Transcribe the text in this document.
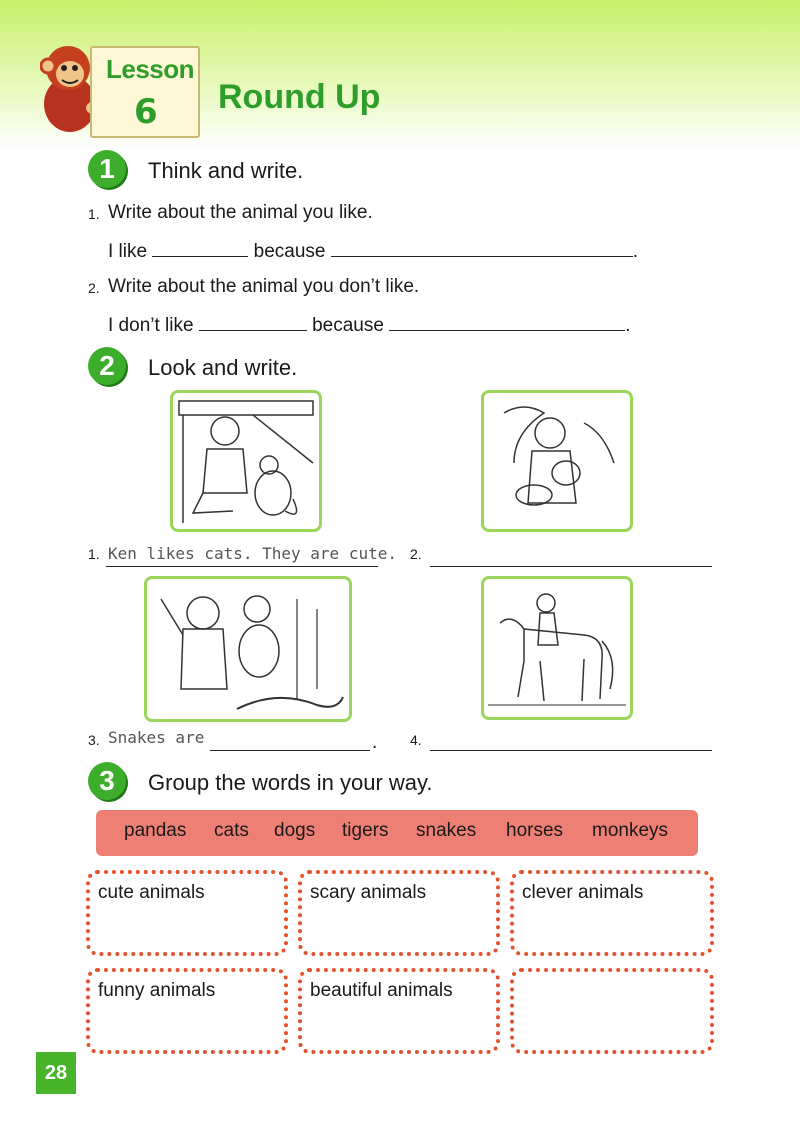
Lesson
6 Round Up
1	Think and write.
1. Write about the animal you like.
I like	because	.
2. Write about the animal you don’t like.
I don’t like	because	.
2	Look and write.
1. Ken likes cats. They are cute. 2.
3. Snakes are	. 4.
3	Group the words in your way.
pandas cats dogs tigers snakes horses monkeys
cute animals	scary animals	clever animals
funny animals	beautiful animals
28
